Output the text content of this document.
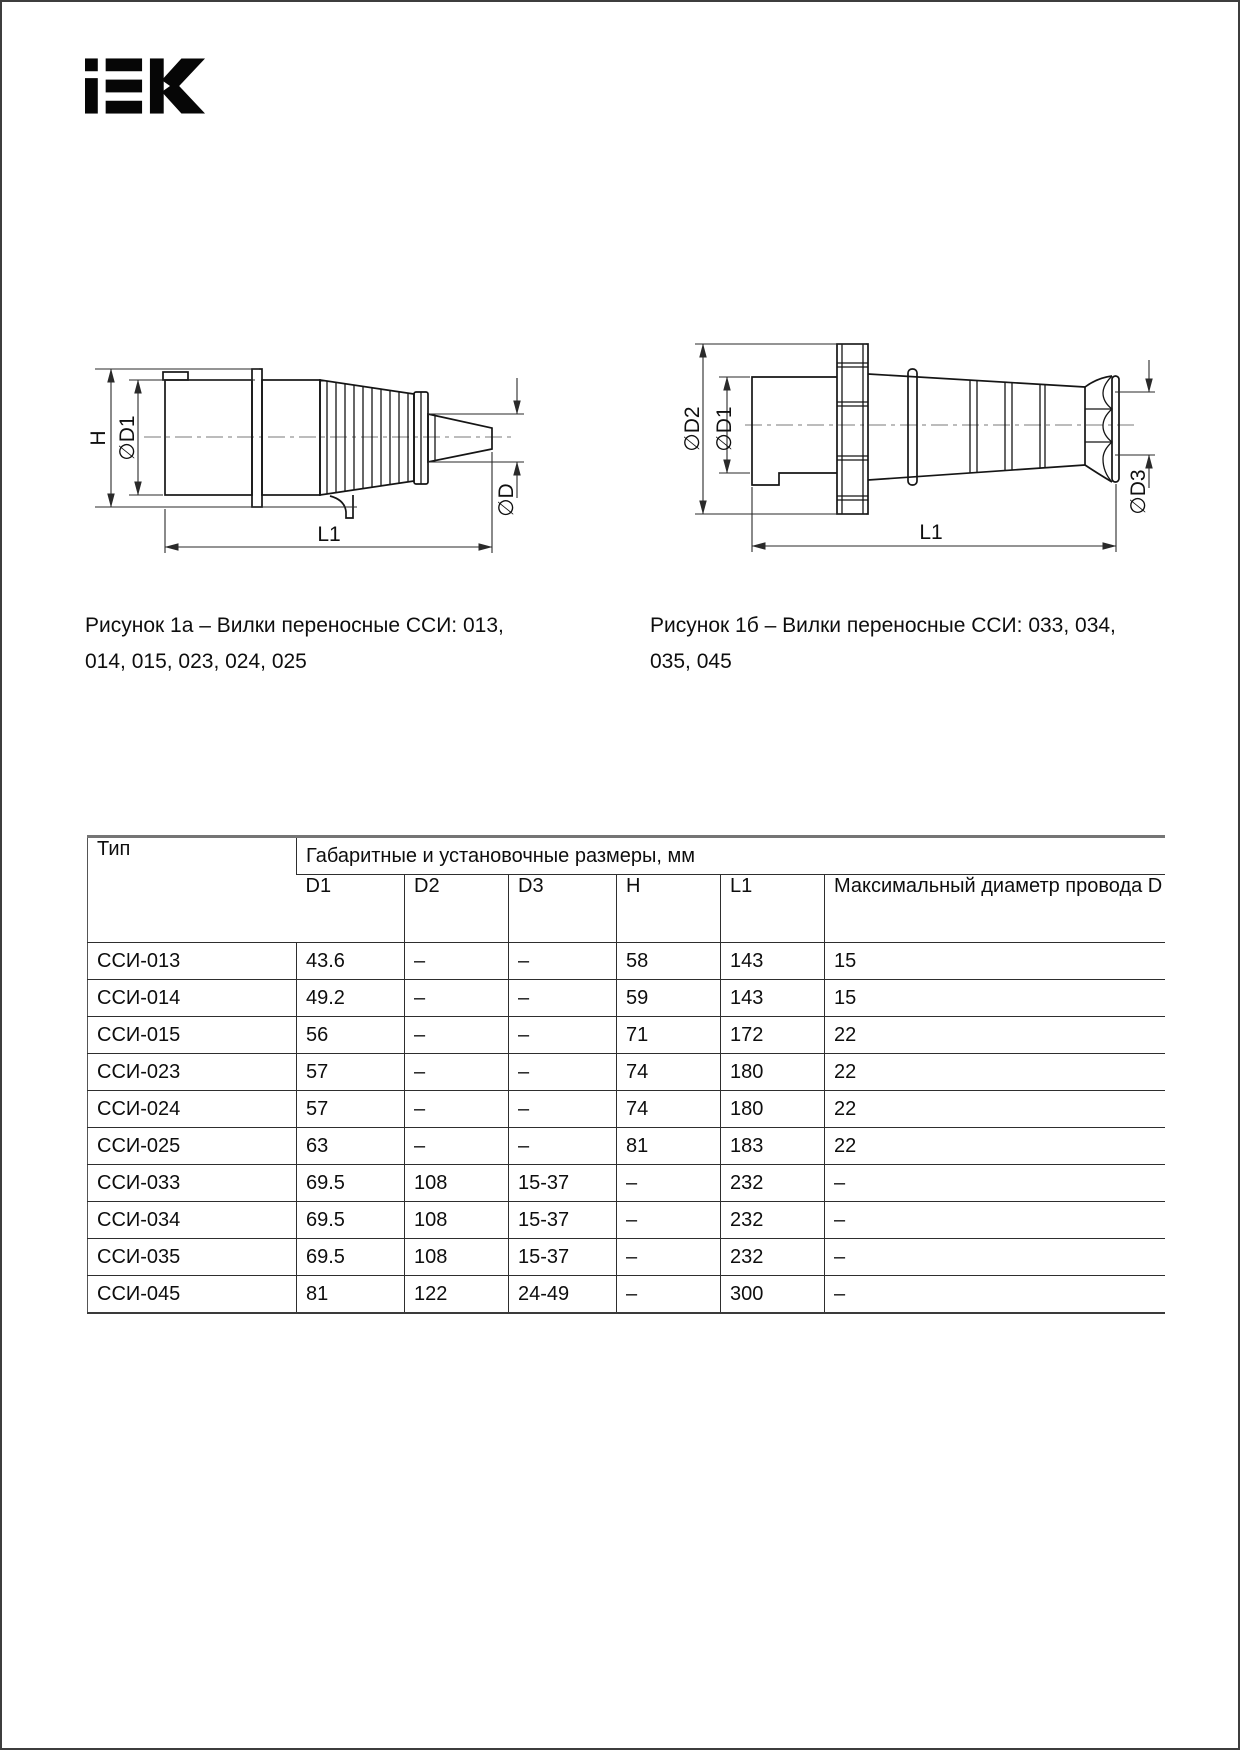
H ∅D1
∅D
L1
∅D2 ∅D1
∅D3
L1
Рисунок 1а – Вилки переносные ССИ: 013,
014, 015, 023, 024, 025
Рисунок 1б – Вилки переносные ССИ: 033, 034,
035, 045
Тип	Габаритные и установочные размеры, мм					
	D1	D2	D3	H	L1	Максимальный диаметр провода D
ССИ-013	43.6	–	–	58	143	15
ССИ-014	49.2	–	–	59	143	15
ССИ-015	56	–	–	71	172	22
ССИ-023	57	–	–	74	180	22
ССИ-024	57	–	–	74	180	22
ССИ-025	63	–	–	81	183	22
ССИ-033	69.5	108	15-37	–	232	–
ССИ-034	69.5	108	15-37	–	232	–
ССИ-035	69.5	108	15-37	–	232	–
ССИ-045	81	122	24-49	–	300	–
